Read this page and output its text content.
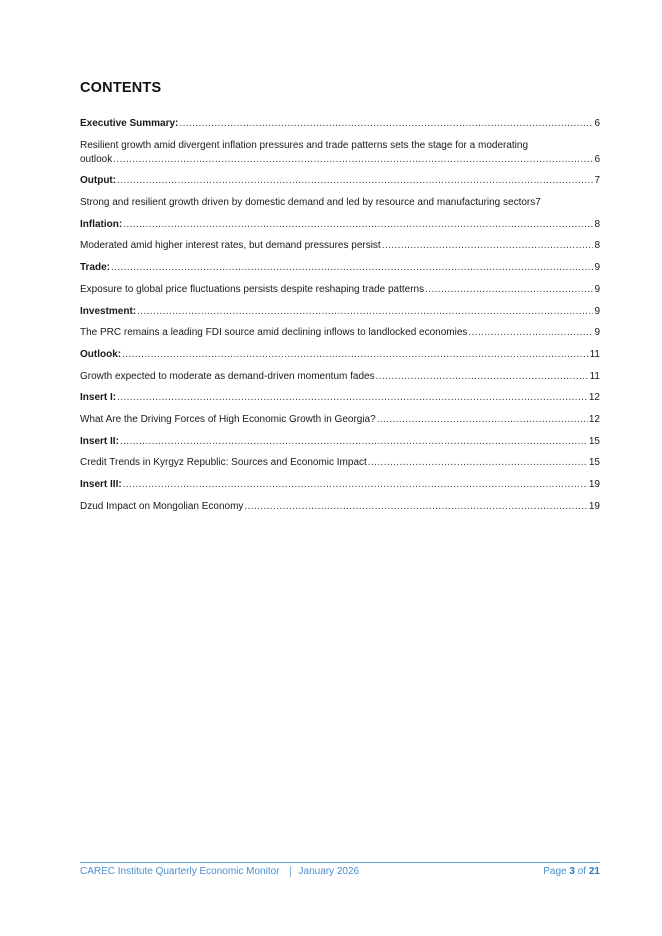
CONTENTS
Executive Summary: .....	6
Resilient growth amid divergent inflation pressures and trade patterns sets the stage for a moderating
outlook .....	6
Output: .....	7
Strong and resilient growth driven by domestic demand and led by resource and manufacturing sectors 7
Inflation: .....	8
Moderated amid higher interest rates, but demand pressures persist .....	8
Trade: .....	9
Exposure to global price fluctuations persists despite reshaping trade patterns .....	9
Investment: .....	9
The PRC remains a leading FDI source amid declining inflows to landlocked economies .....	9
Outlook: .....	11
Growth expected to moderate as demand-driven momentum fades .....	11
Insert I: .....	12
What Are the Driving Forces of High Economic Growth in Georgia? .....	12
Insert II: .....	15
Credit Trends in Kyrgyz Republic: Sources and Economic Impact .....	15
Insert III: .....	19
Dzud Impact on Mongolian Economy .....	19
CAREC Institute Quarterly Economic Monitor January 2026	Page 3 of 21
